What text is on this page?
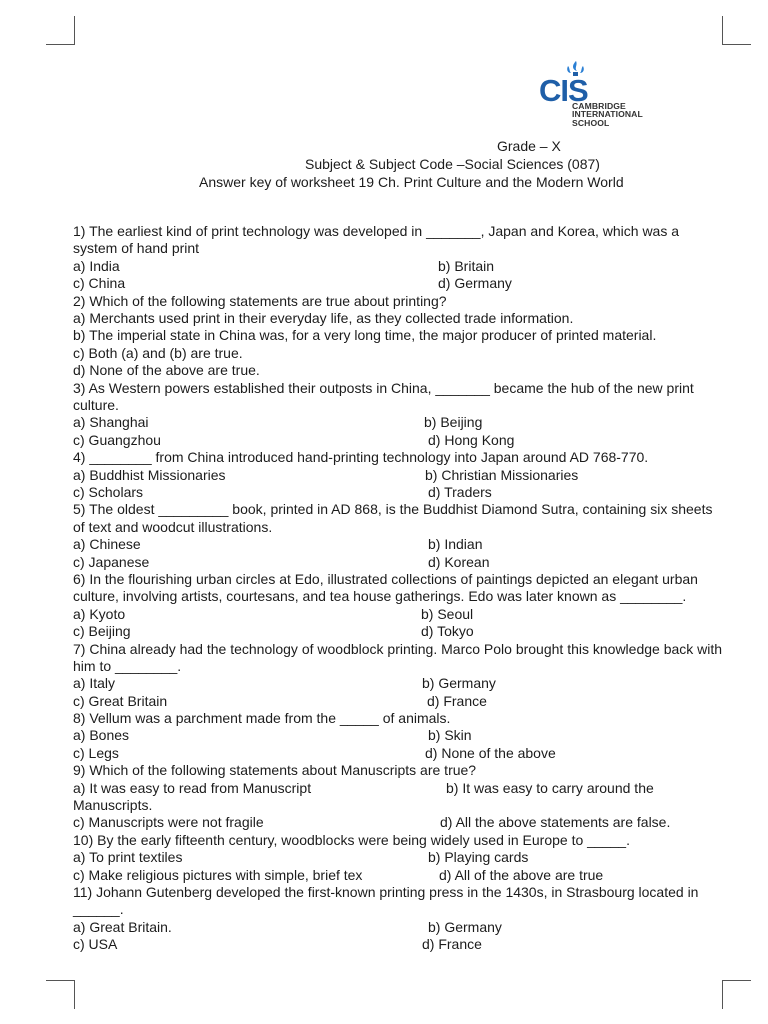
CIS
CAMBRIDGE
INTERNATIONAL
SCHOOL
Grade – X
Subject & Subject Code –Social Sciences (087)
Answer key of worksheet 19 Ch. Print Culture and the Modern World
1) The earliest kind of print technology was developed in _______, Japan and Korea, which was a system of hand print
a) India	b) Britain
c) China	d) Germany
2) Which of the following statements are true about printing?
a) Merchants used print in their everyday life, as they collected trade information.
b) The imperial state in China was, for a very long time, the major producer of printed material.
c) Both (a) and (b) are true.
d) None of the above are true.
3) As Western powers established their outposts in China, _______ became the hub of the new print culture.
a) Shanghai	b) Beijing
c) Guangzhou	d) Hong Kong
4) ________ from China introduced hand-printing technology into Japan around AD 768-770.
a) Buddhist Missionaries	b) Christian Missionaries
c) Scholars	d) Traders
5) The oldest _________ book, printed in AD 868, is the Buddhist Diamond Sutra, containing six sheets of text and woodcut illustrations.
a) Chinese	b) Indian
c) Japanese	d) Korean
6) In the flourishing urban circles at Edo, illustrated collections of paintings depicted an elegant urban culture, involving artists, courtesans, and tea house gatherings. Edo was later known as ________.
a) Kyoto	b) Seoul
c) Beijing	d) Tokyo
7) China already had the technology of woodblock printing. Marco Polo brought this knowledge back with him to ________.
a) Italy	b) Germany
c) Great Britain	d) France
8) Vellum was a parchment made from the _____ of animals.
a) Bones	b) Skin
c) Legs	d) None of the above
9) Which of the following statements about Manuscripts are true?
a) It was easy to read from Manuscript	b) It was easy to carry around the
Manuscripts.
c) Manuscripts were not fragile	d) All the above statements are false.
10) By the early fifteenth century, woodblocks were being widely used in Europe to _____.
a) To print textiles	b) Playing cards
c) Make religious pictures with simple, brief tex	d) All of the above are true
11) Johann Gutenberg developed the first-known printing press in the 1430s, in Strasbourg located in ______.
a) Great Britain.	b) Germany
c) USA	d) France
